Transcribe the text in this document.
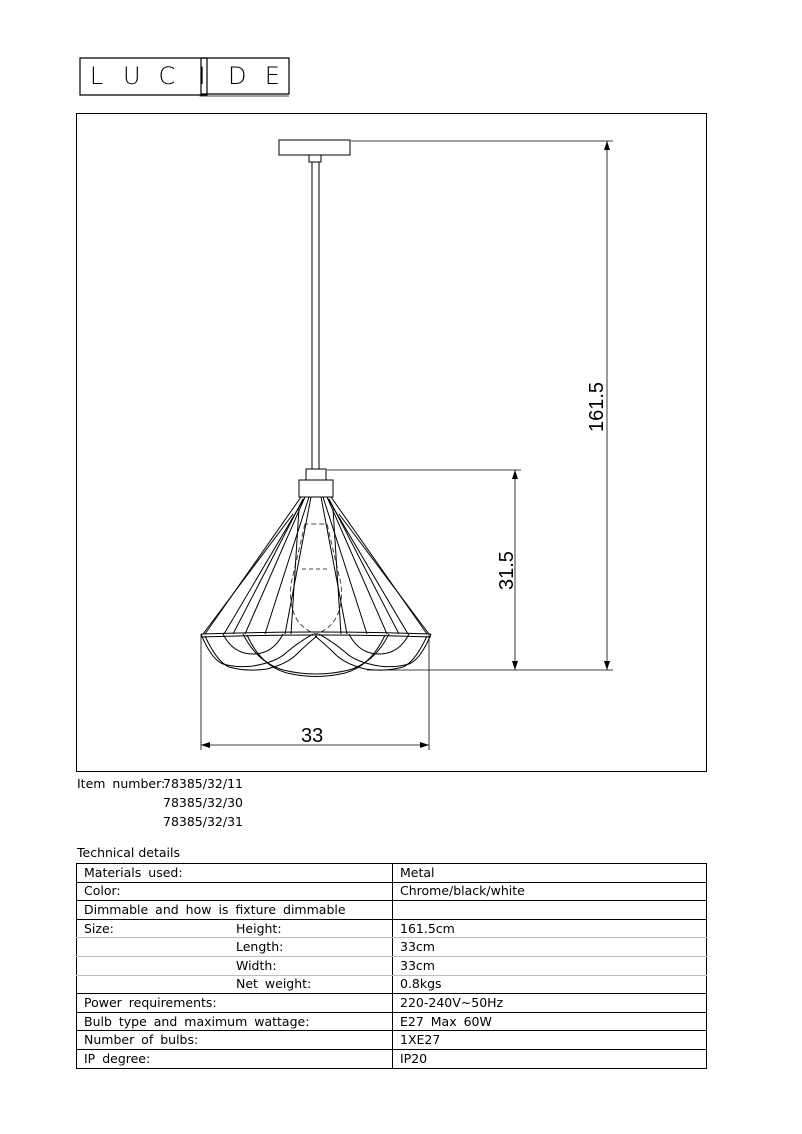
L U C I D E
161.5
31.5
33
Item number:
78385/32/11
78385/32/30
78385/32/31
Technical details
Materials used:	Metal
Color:	Chrome/black/white
Dimmable and how is fixture dimmable	
Size: Height:	161.5cm
Length:	33cm
Width:	33cm
Net weight:	0.8kgs
Power requirements:	220-240V~50Hz
Bulb type and maximum wattage:	E27 Max 60W
Number of bulbs:	1XE27
IP degree:	IP20
